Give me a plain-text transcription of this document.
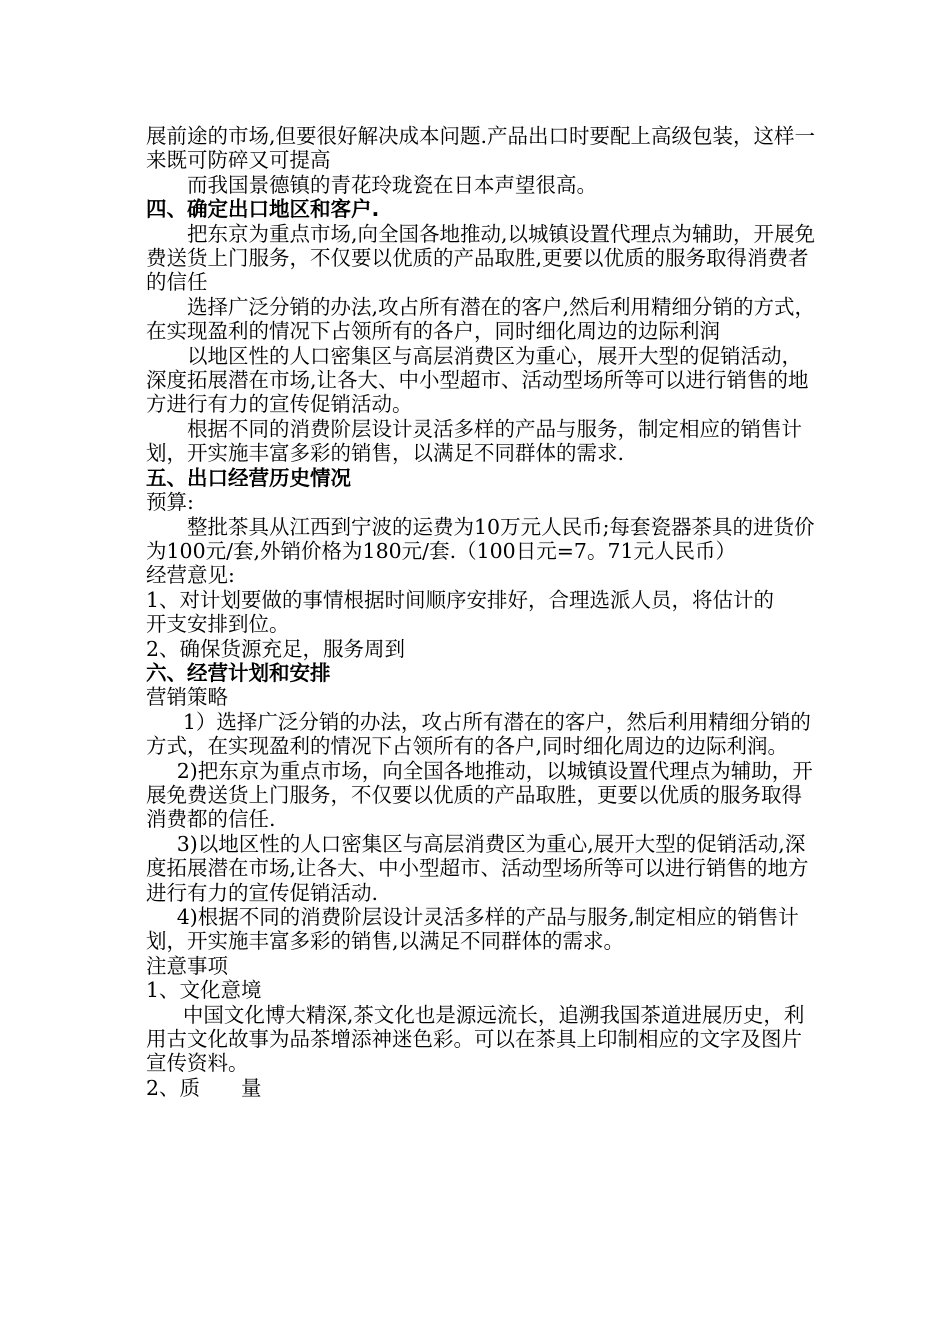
展前途的市场,但要很好解决成本问题.产品出口时要配上高级包装，这样一来既可防碎又可提高

而我国景德镇的青花玲珑瓷在日本声望很高。

四、确定出口地区和客户.

把东京为重点市场,向全国各地推动,以城镇设置代理点为辅助，开展免费送货上门服务，不仅要以优质的产品取胜,更要以优质的服务取得消费者的信任

选择广泛分销的办法,攻占所有潜在的客户,然后利用精细分销的方式，在实现盈利的情况下占领所有的各户，同时细化周边的边际利润

以地区性的人口密集区与高层消费区为重心，展开大型的促销活动，深度拓展潜在市场,让各大、中小型超市、活动型场所等可以进行销售的地方进行有力的宣传促销活动。

根据不同的消费阶层设计灵活多样的产品与服务，制定相应的销售计划，开实施丰富多彩的销售，以满足不同群体的需求.

五、出口经营历史情况

预算:

整批茶具从江西到宁波的运费为10万元人民币;每套瓷器茶具的进货价为100元/套,外销价格为180元/套.（100日元=7。71元人民币）

经营意见:

1、对计划要做的事情根据时间顺序安排好，合理选派人员，将估计的　　开支安排到位。

2、确保货源充足，服务周到

六、经营计划和安排

营销策略

1）选择广泛分销的办法，攻占所有潜在的客户，然后利用精细分销的方式，在实现盈利的情况下占领所有的各户,同时细化周边的边际利润。

2)把东京为重点市场，向全国各地推动，以城镇设置代理点为辅助，开展免费送货上门服务，不仅要以优质的产品取胜，更要以优质的服务取得消费都的信任.

3)以地区性的人口密集区与高层消费区为重心,展开大型的促销活动,深度拓展潜在市场,让各大、中小型超市、活动型场所等可以进行销售的地方进行有力的宣传促销活动.

4)根据不同的消费阶层设计灵活多样的产品与服务,制定相应的销售计划，开实施丰富多彩的销售,以满足不同群体的需求。

注意事项

1、文化意境

中国文化博大精深,茶文化也是源远流长，追溯我国茶道进展历史，利用古文化故事为品茶增添神迷色彩。可以在茶具上印制相应的文字及图片宣传资料。

2、质　　量
